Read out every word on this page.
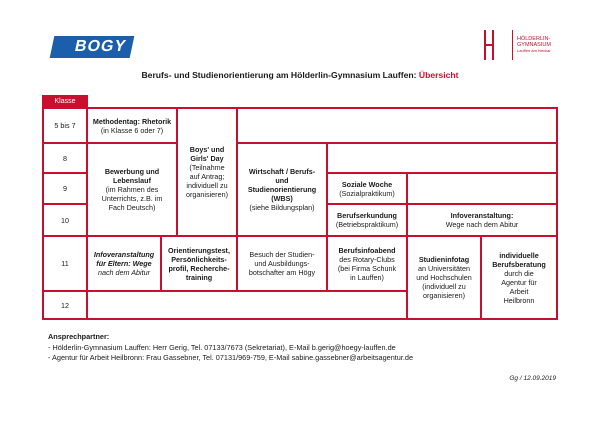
BOGY	HÖLDERLIN-
GYMNASIUM
Lauffen am Neckar
Berufs- und Studienorientierung am Hölderlin-Gymnasium Lauffen: Übersicht
Klasse
5 bis 7
8
9
10
11
12
Methodentag: Rhetorik
(in Klasse 6 oder 7)
Boys' und
Girls' Day
(Teilnahme
auf Antrag;
individuell zu
organisieren)
Bewerbung und
Lebenslauf
(im Rahmen des
Unterrichts, z.B. im
Fach Deutsch)
Wirtschaft / Berufs-
und
Studienorientierung
(WBS)
(siehe Bildungsplan)
Soziale Woche
(Sozialpraktikum)
Berufserkundung
(Betriebspraktikum)
Infoveranstaltung:
Wege nach dem Abitur
Infoveranstaltung
für Eltern: Wege
nach dem Abitur
Orientierungstest,
Persönlichkeits-
profil, Recherche-
training
Besuch der Studien-
und Ausbildungs-
botschafter am Högy
Berufsinfoabend
des Rotary-Clubs
(bei Firma Schunk
in Lauffen)
Studieninfotag
an Universitäten
und Hochschulen
(individuell zu
organisieren)
individuelle
Berufsberatung
durch die
Agentur für
Arbeit
Heilbronn
Ansprechpartner:
- Hölderlin-Gymnasium Lauffen: Herr Gerig, Tel. 07133/7673 (Sekretariat), E-Mail b.gerig@hoegy-lauffen.de
- Agentur für Arbeit Heilbronn: Frau Gassebner, Tel. 07131/969-759, E-Mail sabine.gassebner@arbeitsagentur.de
Gg / 12.09.2019
